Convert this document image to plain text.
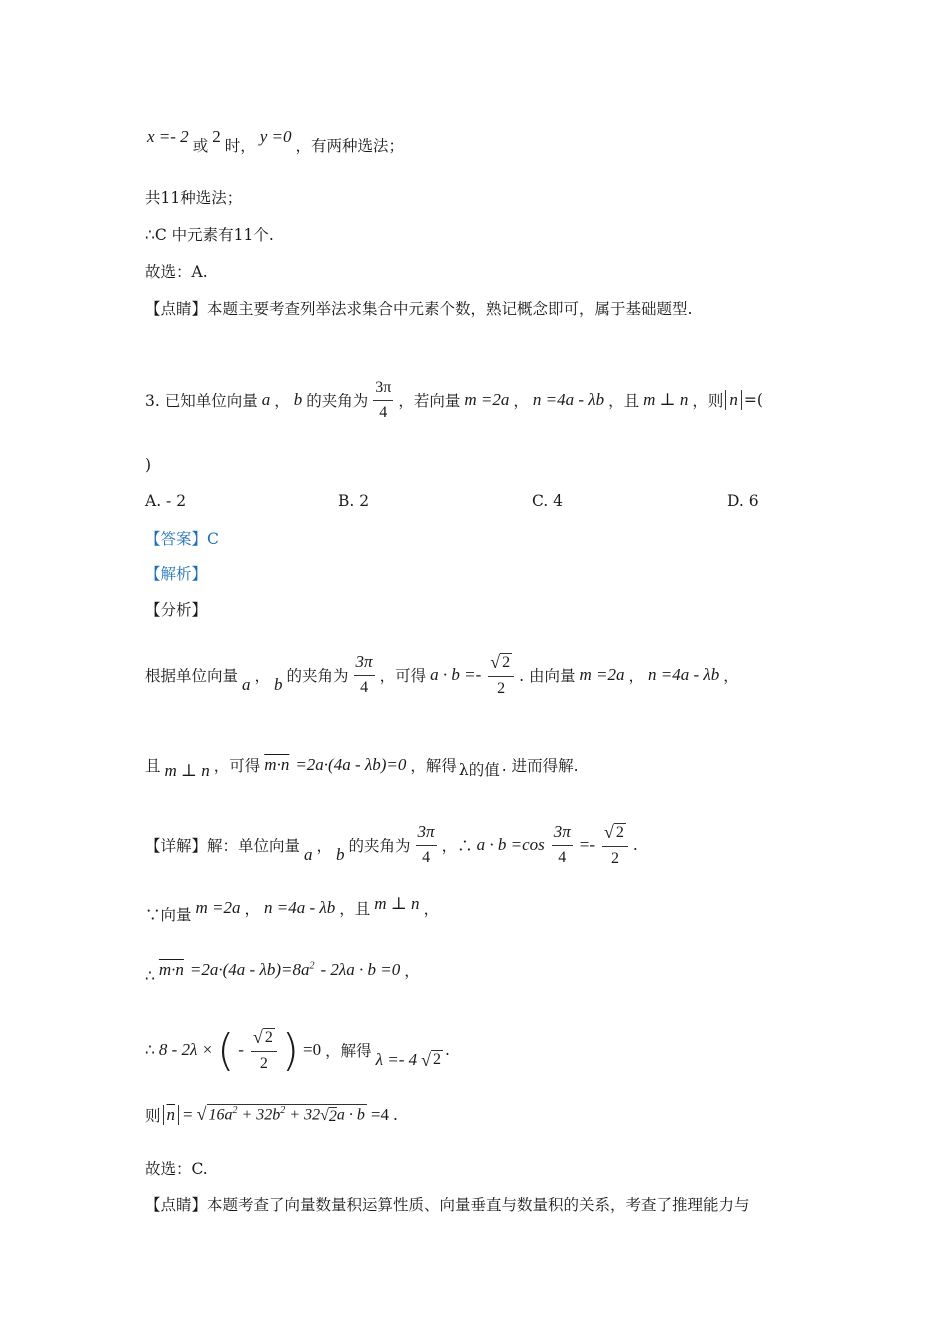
x =- 2 或 2 时， y =0 ，有两种选法；
共11种选法；
∴C 中元素有11个.
故选：A.
【点睛】本题主要考查列举法求集合中元素个数，熟记概念即可，属于基础题型.
3. 已知单位向量 a ， b 的夹角为 $\frac{3\pi}{4}$ ，若向量 m =2a ， n =4a - λb ，且 m ⊥ n ，则 n =(
)
A. - 2	B. 2	C. 4	D. 6
【答案】C
【解析】
【分析】
根据单位向量 a ， b 的夹角为 $\frac{3\pi}{4}$ ，可得 $a \cdot b =- \frac{√ 2}{2}$ . 由向量 m =2a ， n =4a - λb ，
且 m ⊥ n ，可得 m·n =2a·(4a - λb)=0 ，解得 λ的值 . 进而得解.
【详解】解：单位向量 a ， b 的夹角为 $\frac{3\pi}{4}$ ，∴ $a \cdot b =\cos \frac{3\pi}{4} =- \frac{√ 2}{2}$ .
∵向量 m =2a ， n =4a - λb ，且 m ⊥ n ，
∴ $m\cdot n =2a\cdot(4a - \lambda b)=8a^2 - 2\lambda a \cdot b =0$ ，
∴ 8 - 2λ × ( - $\frac{√ 2}{2}$ ) =0 ，解得 λ =- 4 √ 2 .
则 $\overline{n}$ = √ $16a^2 + 32b^2 + 32$ √ 2 a · b =4 .
故选：C.
【点睛】本题考查了向量数量积运算性质、向量垂直与数量积的关系，考查了推理能力与
